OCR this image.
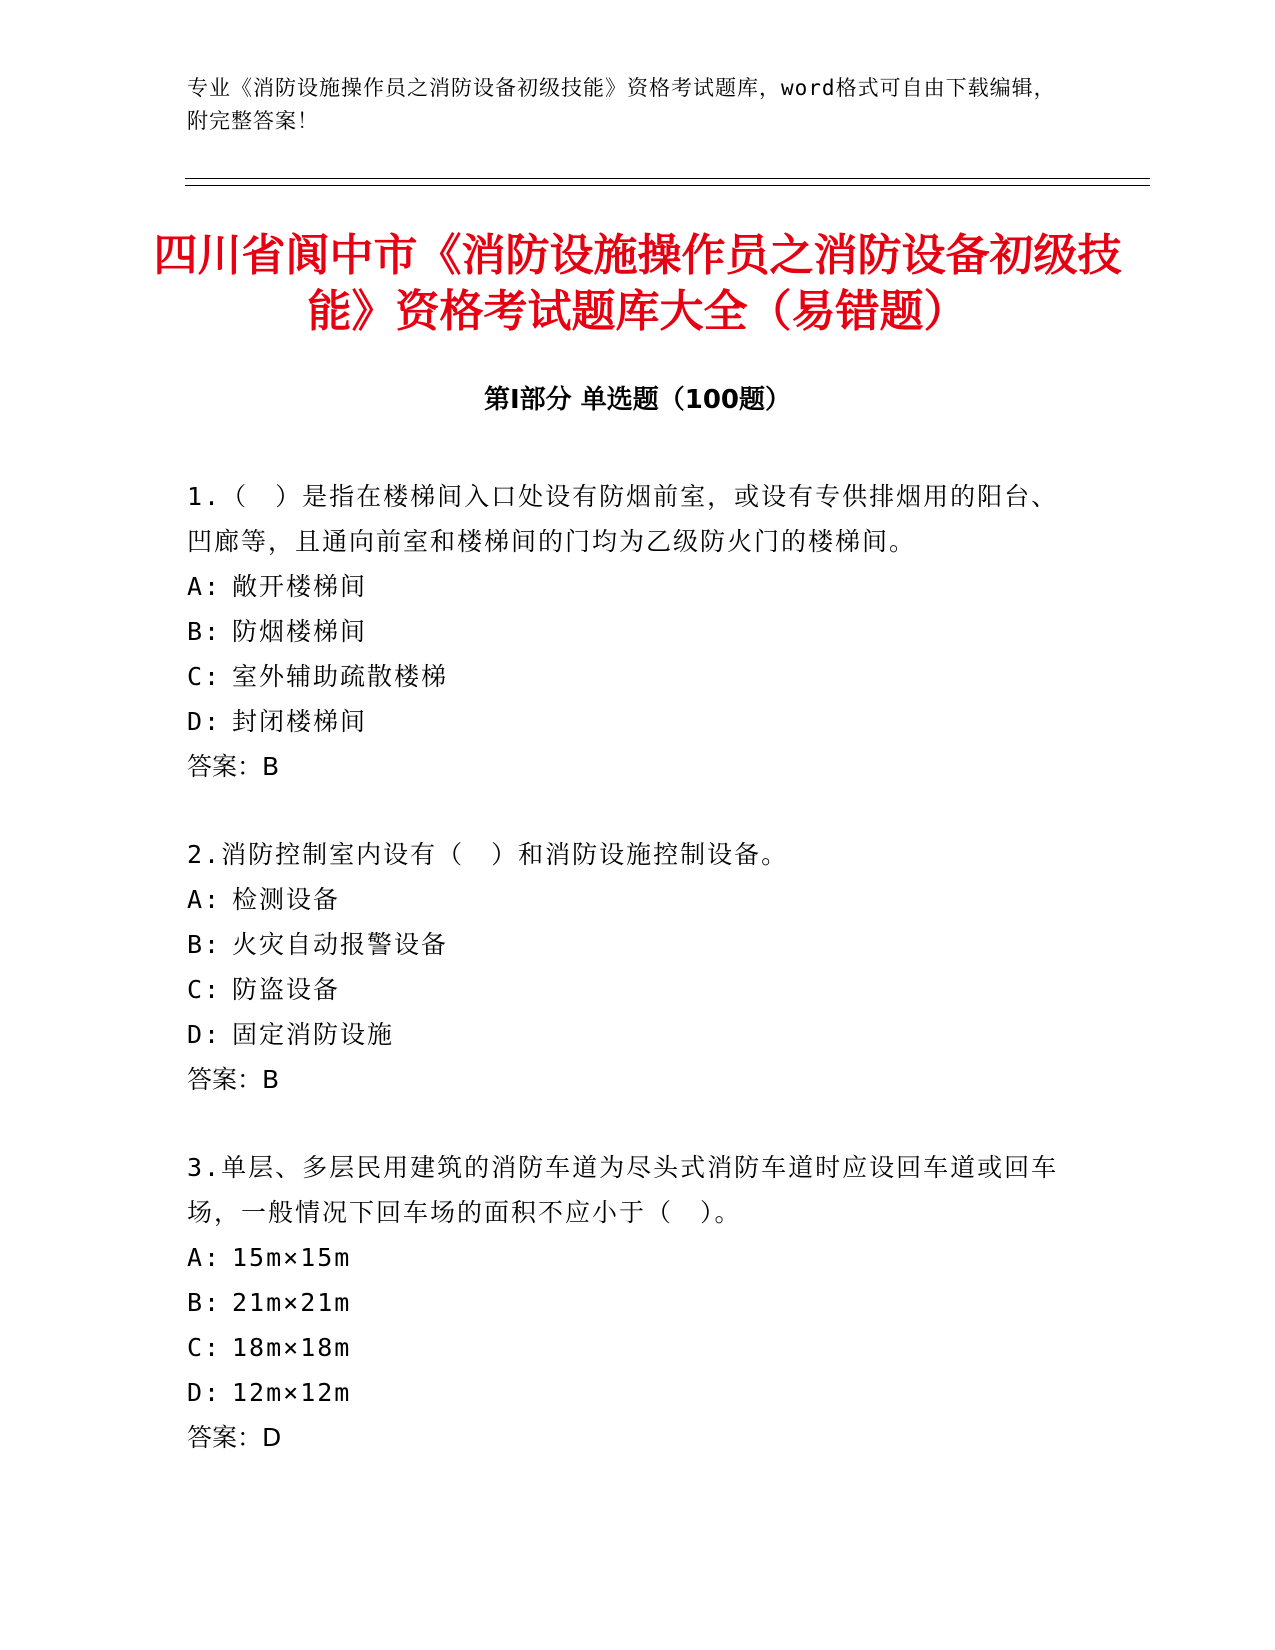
专业《消防设施操作员之消防设备初级技能》资格考试题库，word格式可自由下载编辑，附完整答案！

四川省阆中市《消防设施操作员之消防设备初级技能》资格考试题库大全（易错题）
第Ⅰ部分 单选题（100题）

1.（　）是指在楼梯间入口处设有防烟前室，或设有专供排烟用的阳台、凹廊等，且通向前室和楼梯间的门均为乙级防火门的楼梯间。

A: 敞开楼梯间

B: 防烟楼梯间

C: 室外辅助疏散楼梯

D: 封闭楼梯间

答案：B

2.消防控制室内设有（　）和消防设施控制设备。

A: 检测设备

B: 火灾自动报警设备

C: 防盗设备

D: 固定消防设施

答案：B

3.单层、多层民用建筑的消防车道为尽头式消防车道时应设回车道或回车场，一般情况下回车场的面积不应小于（　）。

A: 15m×15m

B: 21m×21m

C: 18m×18m

D: 12m×12m

答案：D
